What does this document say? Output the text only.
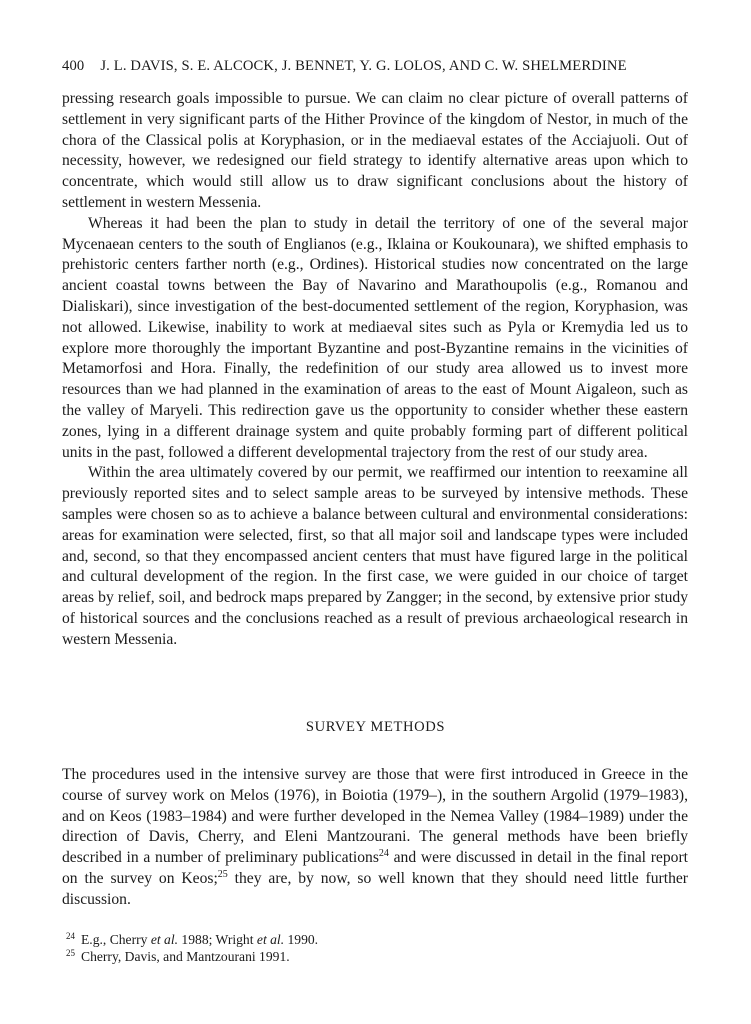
400 J. L. DAVIS, S. E. ALCOCK, J. BENNET, Y. G. LOLOS, AND C. W. SHELMERDINE

pressing research goals impossible to pursue. We can claim no clear picture of overall patterns of settlement in very significant parts of the Hither Province of the kingdom of Nestor, in much of the chora of the Classical polis at Koryphasion, or in the mediaeval estates of the Acciajuoli. Out of necessity, however, we redesigned our field strategy to identify alternative areas upon which to concentrate, which would still allow us to draw significant conclusions about the history of settlement in western Messenia.

Whereas it had been the plan to study in detail the territory of one of the several major Mycenaean centers to the south of Englianos (e.g., Iklaina or Koukounara), we shifted emphasis to prehistoric centers farther north (e.g., Ordines). Historical studies now concentrated on the large ancient coastal towns between the Bay of Navarino and Marathoupolis (e.g., Romanou and Dialiskari), since investigation of the best-documented settlement of the region, Koryphasion, was not allowed. Likewise, inability to work at mediaeval sites such as Pyla or Kremydia led us to explore more thoroughly the important Byzantine and post-Byzantine remains in the vicinities of Metamorfosi and Hora. Finally, the redefinition of our study area allowed us to invest more resources than we had planned in the examination of areas to the east of Mount Aigaleon, such as the valley of Maryeli. This redirection gave us the opportunity to consider whether these eastern zones, lying in a different drainage system and quite probably forming part of different political units in the past, followed a different developmental trajectory from the rest of our study area.

Within the area ultimately covered by our permit, we reaffirmed our intention to reexamine all previously reported sites and to select sample areas to be surveyed by intensive methods. These samples were chosen so as to achieve a balance between cultural and environmental considerations: areas for examination were selected, first, so that all major soil and landscape types were included and, second, so that they encompassed ancient centers that must have figured large in the political and cultural development of the region. In the first case, we were guided in our choice of target areas by relief, soil, and bedrock maps prepared by Zangger; in the second, by extensive prior study of historical sources and the conclusions reached as a result of previous archaeological research in western Messenia.

SURVEY METHODS

The procedures used in the intensive survey are those that were first introduced in Greece in the course of survey work on Melos (1976), in Boiotia (1979–), in the southern Argolid (1979–1983), and on Keos (1983–1984) and were further developed in the Nemea Valley (1984–1989) under the direction of Davis, Cherry, and Eleni Mantzourani. The general methods have been briefly described in a number of preliminary publications$^{24}$ and were discussed in detail in the final report on the survey on Keos;$^{25}$ they are, by now, so well known that they should need little further discussion.

$^{24}$ E.g., Cherry et al. 1988; Wright et al. 1990.

$^{25}$ Cherry, Davis, and Mantzourani 1991.
